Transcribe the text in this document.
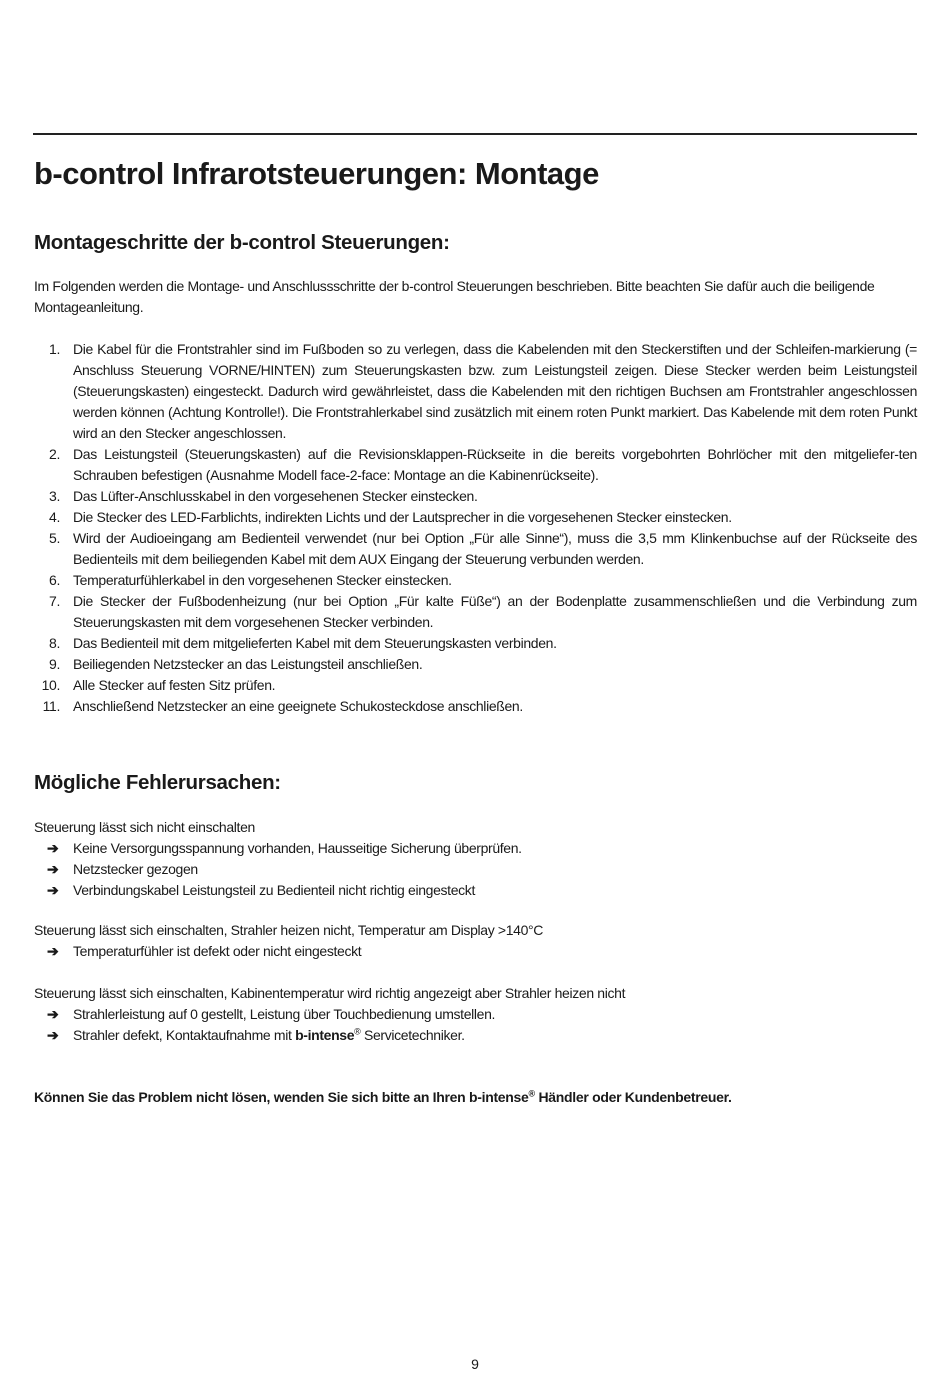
b-control Infrarotsteuerungen: Montage
Montageschritte der b-control Steuerungen:

Im Folgenden werden die Montage- und Anschlussschritte der b-control Steuerungen beschrieben. Bitte beachten Sie dafür auch die beiligende Montageanleitung.

1. Die Kabel für die Frontstrahler sind im Fußboden so zu verlegen, dass die Kabelenden mit den Steckerstiften und der Schleifen-markierung (= Anschluss Steuerung VORNE/HINTEN) zum Steuerungskasten bzw. zum Leistungsteil zeigen. Diese Stecker werden beim Leistungsteil (Steuerungskasten) eingesteckt. Dadurch wird gewährleistet, dass die Kabelenden mit den richtigen Buchsen am Frontstrahler angeschlossen werden können (Achtung Kontrolle!). Die Frontstrahlerkabel sind zusätzlich mit einem roten Punkt markiert. Das Kabelende mit dem roten Punkt wird an den Stecker angeschlossen.
2. Das Leistungsteil (Steuerungskasten) auf die Revisionsklappen-Rückseite in die bereits vorgebohrten Bohrlöcher mit den mitgeliefer-ten Schrauben befestigen (Ausnahme Modell face-2-face: Montage an die Kabinenrückseite).
3. Das Lüfter-Anschlusskabel in den vorgesehenen Stecker einstecken.
4. Die Stecker des LED-Farblichts, indirekten Lichts und der Lautsprecher in die vorgesehenen Stecker einstecken.
5. Wird der Audioeingang am Bedienteil verwendet (nur bei Option „Für alle Sinne“), muss die 3,5 mm Klinkenbuchse auf der Rückseite des Bedienteils mit dem beiliegenden Kabel mit dem AUX Eingang der Steuerung verbunden werden.
6. Temperaturfühlerkabel in den vorgesehenen Stecker einstecken.
7. Die Stecker der Fußbodenheizung (nur bei Option „Für kalte Füße“) an der Bodenplatte zusammenschließen und die Verbindung zum Steuerungskasten mit dem vorgesehenen Stecker verbinden.
8. Das Bedienteil mit dem mitgelieferten Kabel mit dem Steuerungskasten verbinden.
9. Beiliegenden Netzstecker an das Leistungsteil anschließen.
10. Alle Stecker auf festen Sitz prüfen.
11. Anschließend Netzstecker an eine geeignete Schukosteckdose anschließen.
Mögliche Fehlerursachen:
Steuerung lässt sich nicht einschalten
➔ Keine Versorgungsspannung vorhanden, Hausseitige Sicherung überprüfen.
➔ Netzstecker gezogen
➔ Verbindungskabel Leistungsteil zu Bedienteil nicht richtig eingesteckt
Steuerung lässt sich einschalten, Strahler heizen nicht, Temperatur am Display >140°C
➔ Temperaturfühler ist defekt oder nicht eingesteckt
Steuerung lässt sich einschalten, Kabinentemperatur wird richtig angezeigt aber Strahler heizen nicht
➔ Strahlerleistung auf 0 gestellt, Leistung über Touchbedienung umstellen.
➔ Strahler defekt, Kontaktaufnahme mit b-intense® Servicetechniker.

Können Sie das Problem nicht lösen, wenden Sie sich bitte an Ihren b-intense® Händler oder Kundenbetreuer.

9
